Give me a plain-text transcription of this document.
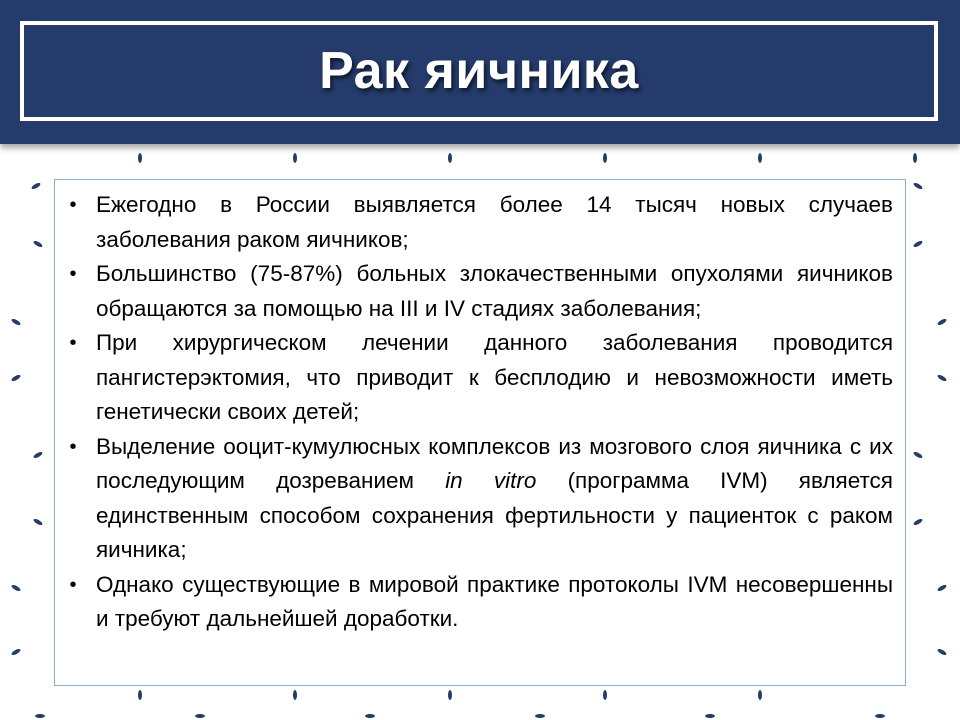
Рак яичника
• Ежегодно в России выявляется более 14 тысяч новых случаев заболевания раком яичников;
• Большинство (75-87%) больных злокачественными опухолями яичников обращаются за помощью на III и IV стадиях заболевания;
• При хирургическом лечении данного заболевания проводится пангистерэктомия, что приводит к бесплодию и невозможности иметь генетически своих детей;
• Выделение ооцит-кумулюсных комплексов из мозгового слоя яичника с их последующим дозреванием in vitro (программа IVM) является единственным способом сохранения фертильности у пациенток с раком яичника;
• Однако существующие в мировой практике протоколы IVM несовершенны и требуют дальнейшей доработки.
